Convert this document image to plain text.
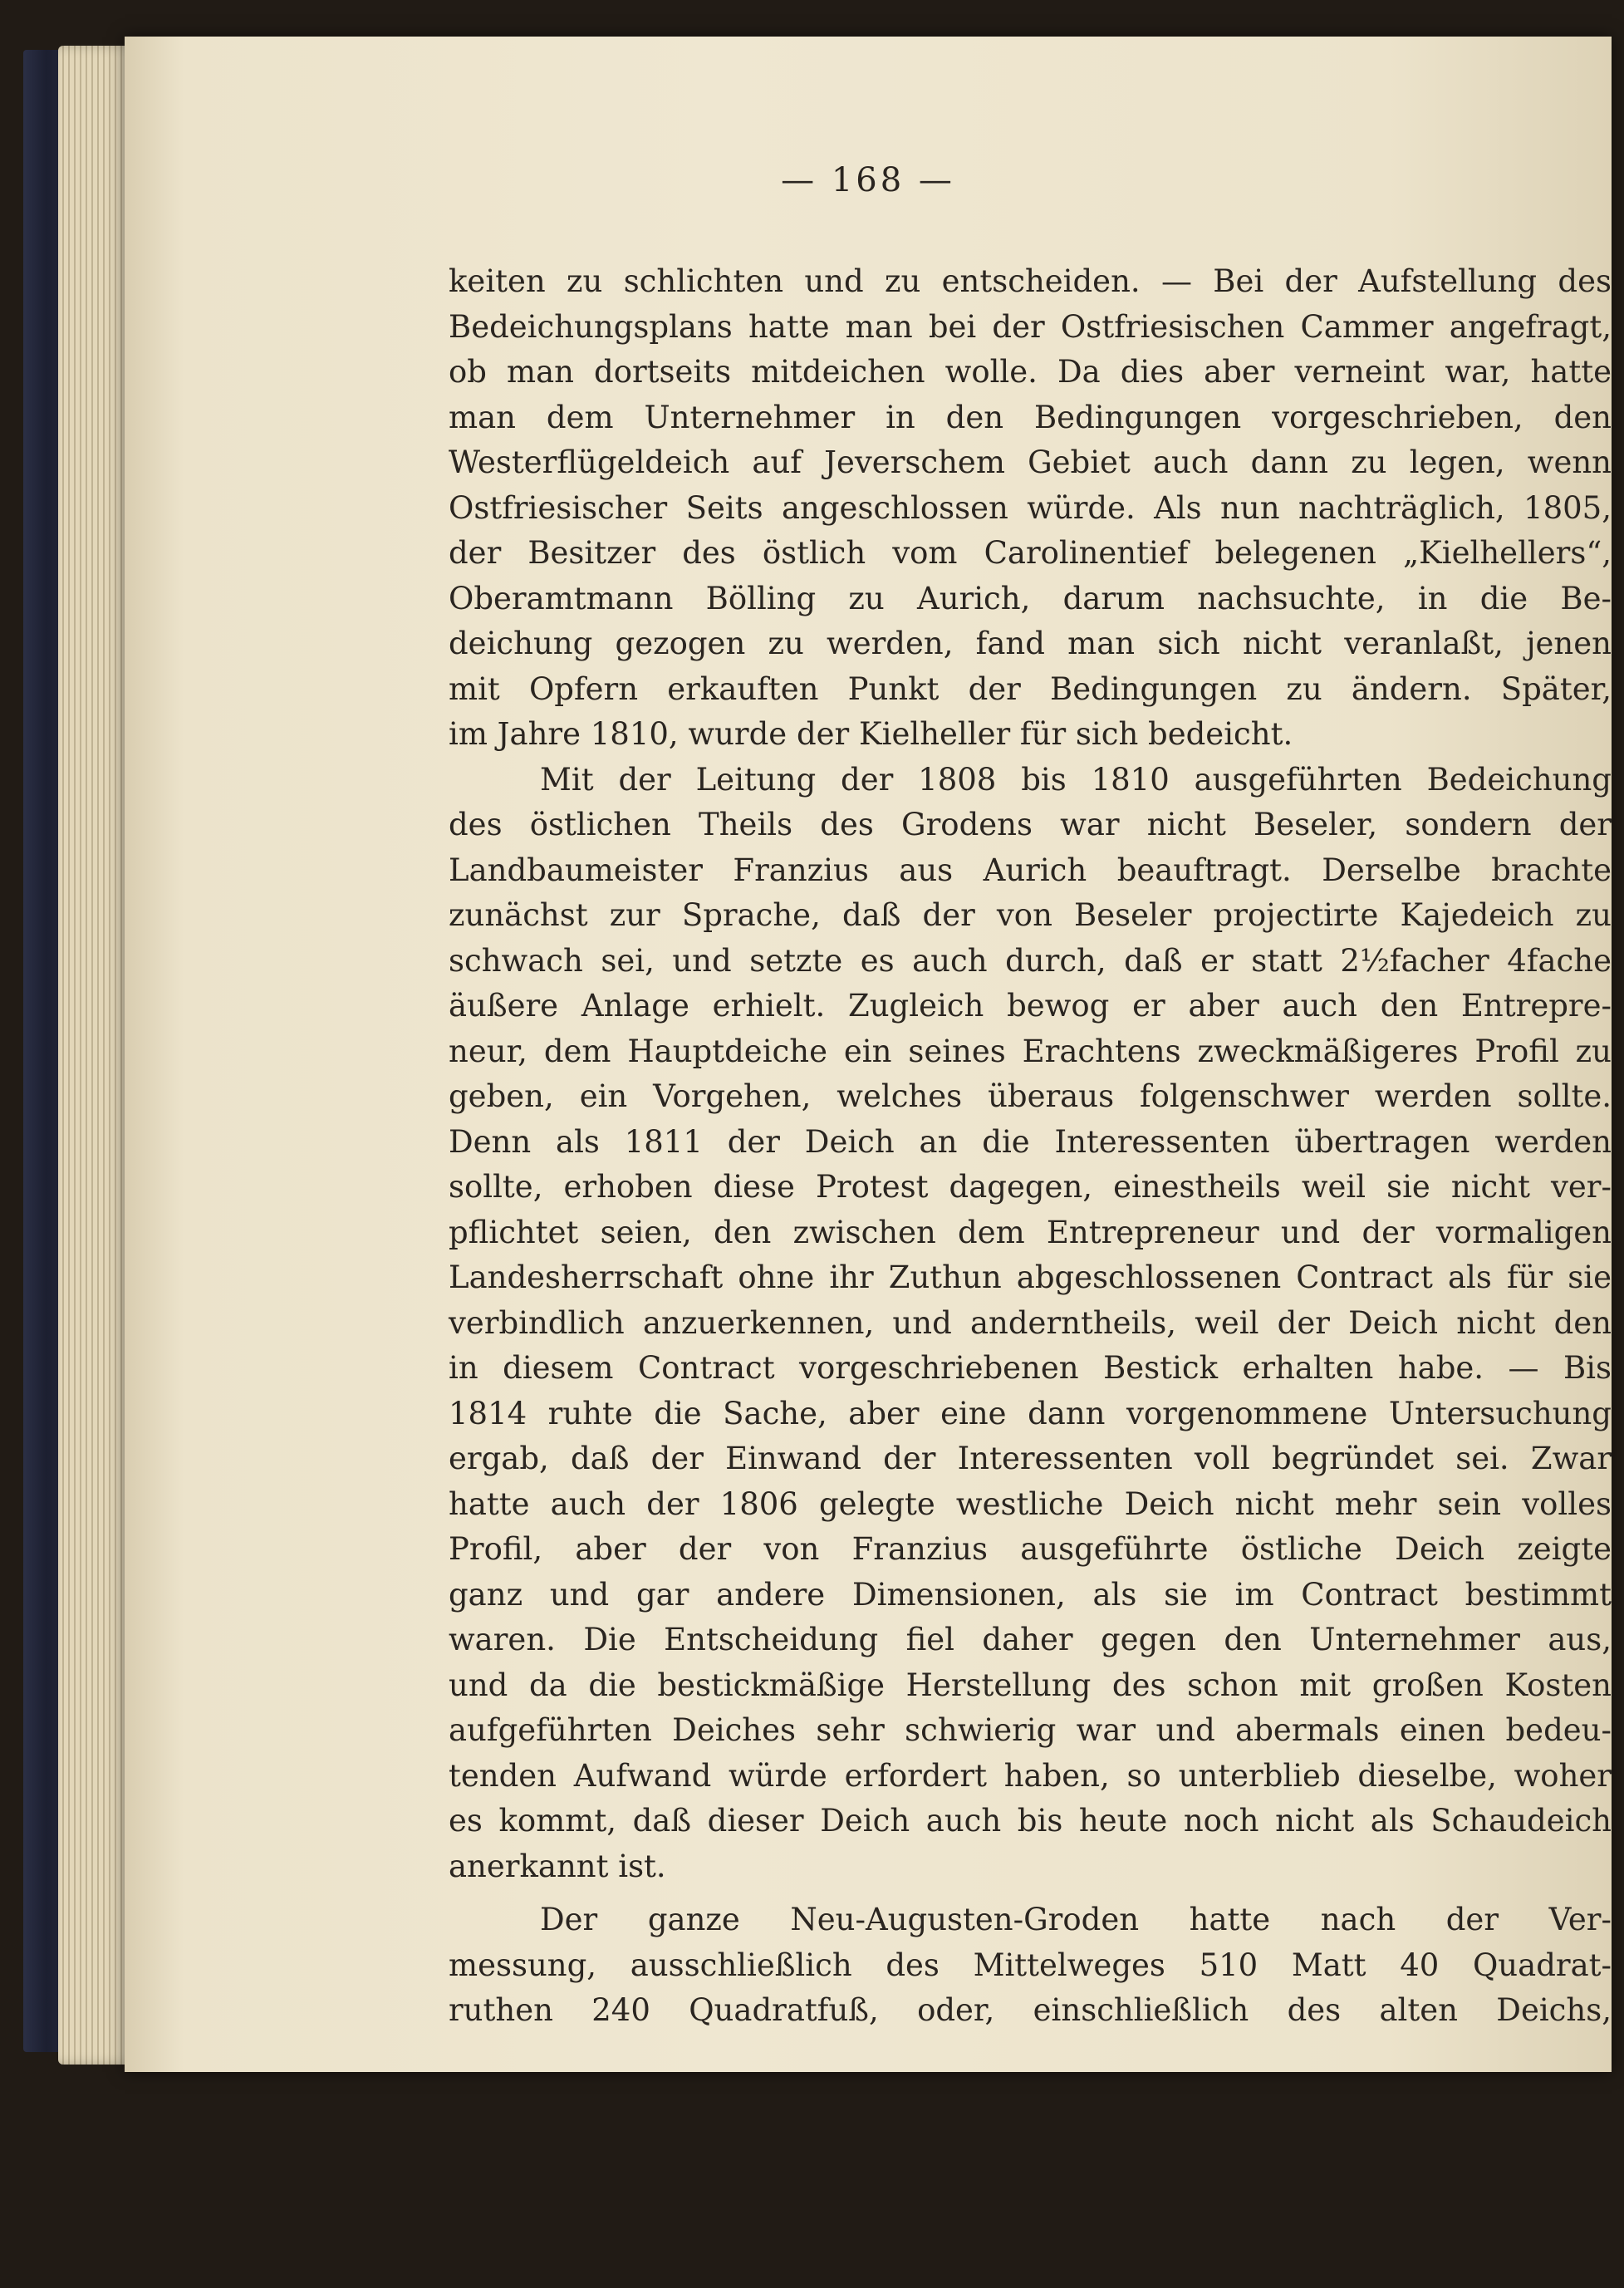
— 168 —
keiten zu schlichten und zu entscheiden. — Bei der Aufstellung des
Bedeichungsplans hatte man bei der Ostfriesischen Cammer angefragt,
ob man dortseits mitdeichen wolle. Da dies aber verneint war, hatte
man dem Unternehmer in den Bedingungen vorgeschrieben, den
Westerflügeldeich auf Jeverschem Gebiet auch dann zu legen, wenn
Ostfriesischer Seits angeschlossen würde. Als nun nachträglich, 1805,
der Besitzer des östlich vom Carolinentief belegenen „Kielhellers“,
Oberamtmann Bölling zu Aurich, darum nachsuchte, in die Be-
deichung gezogen zu werden, fand man sich nicht veranlaßt, jenen
mit Opfern erkauften Punkt der Bedingungen zu ändern. Später,
im Jahre 1810, wurde der Kielheller für sich bedeicht.
Mit der Leitung der 1808 bis 1810 ausgeführten Bedeichung
des östlichen Theils des Grodens war nicht Beseler, sondern der
Landbaumeister Franzius aus Aurich beauftragt. Derselbe brachte
zunächst zur Sprache, daß der von Beseler projectirte Kajedeich zu
schwach sei, und setzte es auch durch, daß er statt 2½facher 4fache
äußere Anlage erhielt. Zugleich bewog er aber auch den Entrepre-
neur, dem Hauptdeiche ein seines Erachtens zweckmäßigeres Profil zu
geben, ein Vorgehen, welches überaus folgenschwer werden sollte.
Denn als 1811 der Deich an die Interessenten übertragen werden
sollte, erhoben diese Protest dagegen, einestheils weil sie nicht ver-
pflichtet seien, den zwischen dem Entrepreneur und der vormaligen
Landesherrschaft ohne ihr Zuthun abgeschlossenen Contract als für sie
verbindlich anzuerkennen, und anderntheils, weil der Deich nicht den
in diesem Contract vorgeschriebenen Bestick erhalten habe. — Bis
1814 ruhte die Sache, aber eine dann vorgenommene Untersuchung
ergab, daß der Einwand der Interessenten voll begründet sei. Zwar
hatte auch der 1806 gelegte westliche Deich nicht mehr sein volles
Profil, aber der von Franzius ausgeführte östliche Deich zeigte
ganz und gar andere Dimensionen, als sie im Contract bestimmt
waren. Die Entscheidung fiel daher gegen den Unternehmer aus,
und da die bestickmäßige Herstellung des schon mit großen Kosten
aufgeführten Deiches sehr schwierig war und abermals einen bedeu-
tenden Aufwand würde erfordert haben, so unterblieb dieselbe, woher
es kommt, daß dieser Deich auch bis heute noch nicht als Schaudeich
anerkannt ist.
Der ganze Neu-Augusten-Groden hatte nach der Ver-
messung, ausschließlich des Mittelweges 510 Matt 40 Quadrat-
ruthen 240 Quadratfuß, oder, einschließlich des alten Deichs,
